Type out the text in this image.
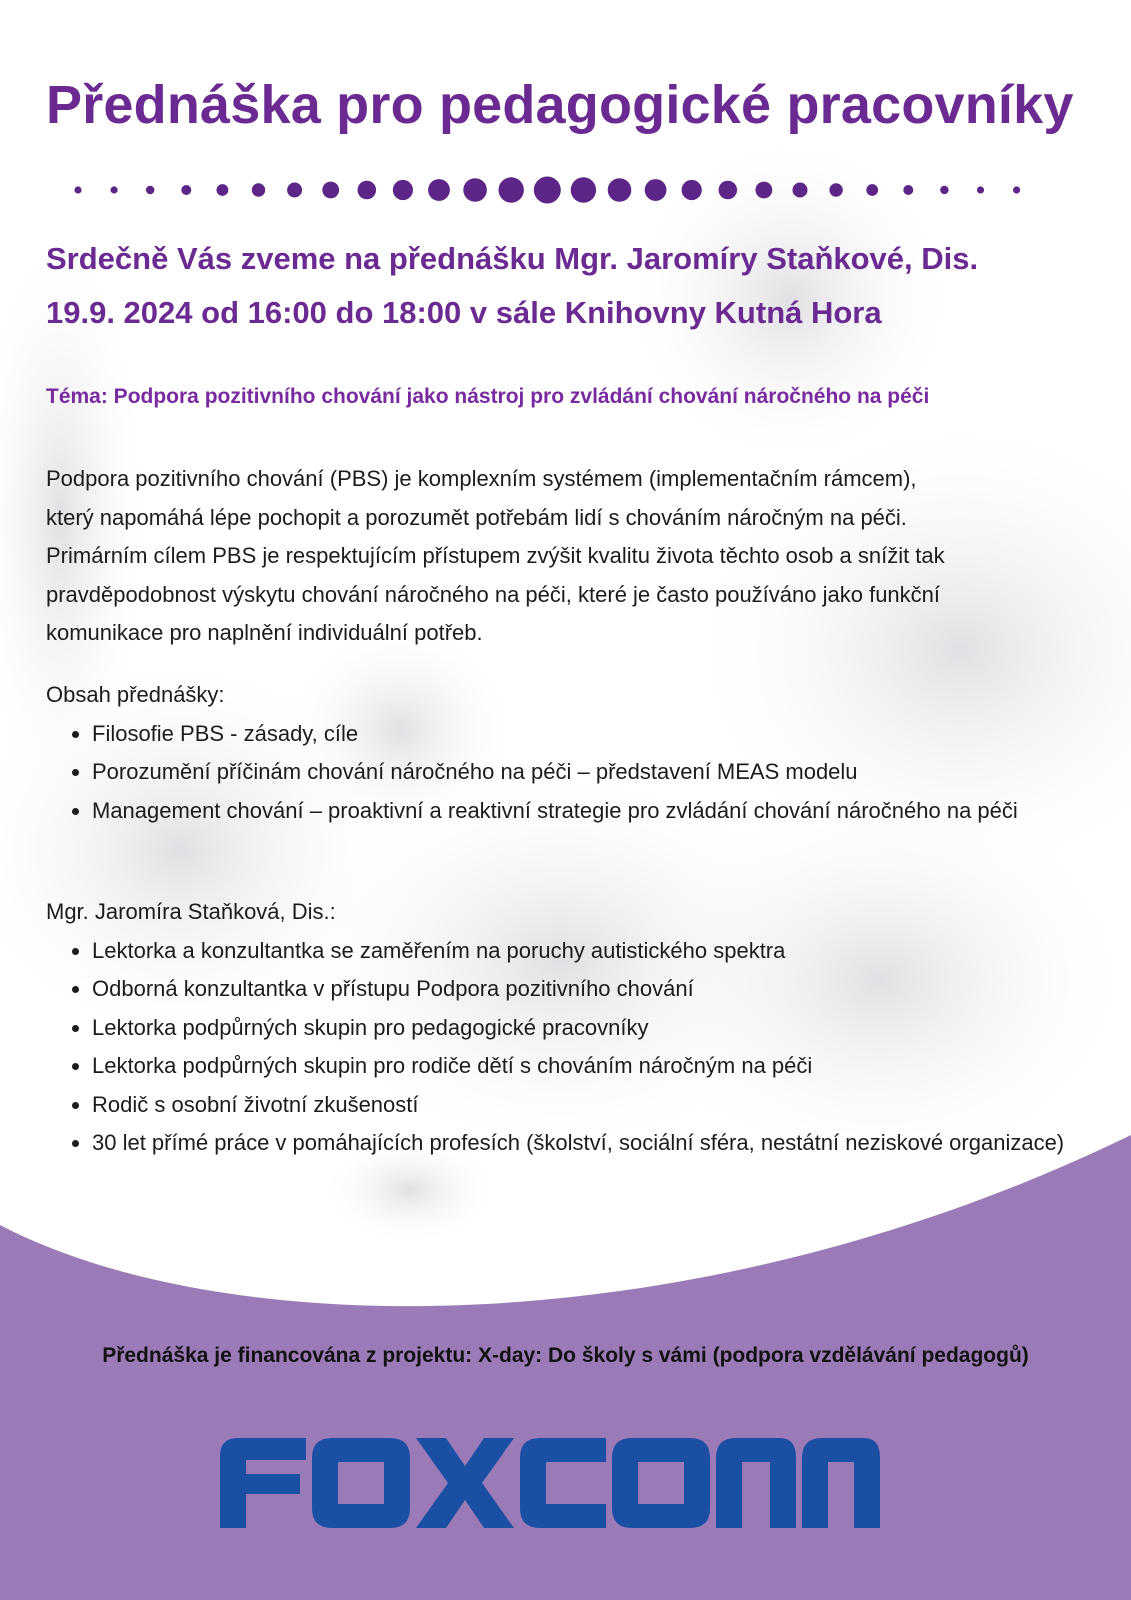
Přednáška pro pedagogické pracovníky
Srdečně Vás zveme na přednášku Mgr. Jaromíry Staňkové, Dis.
19.9. 2024 od 16:00 do 18:00 v sále Knihovny Kutná Hora
Téma: Podpora pozitivního chování jako nástroj pro zvládání chování náročného na péči
Podpora pozitivního chování (PBS) je komplexním systémem (implementačním rámcem),
který napomáhá lépe pochopit a porozumět potřebám lidí s chováním náročným na péči.
Primárním cílem PBS je respektujícím přístupem zvýšit kvalitu života těchto osob a snížit tak
pravděpodobnost výskytu chování náročného na péči, které je často používáno jako funkční
komunikace pro naplnění individuální potřeb.
Obsah přednášky:
Filosofie PBS - zásady, cíle
Porozumění příčinám chování náročného na péči – představení MEAS modelu
Management chování – proaktivní a reaktivní strategie pro zvládání chování náročného na péči
Mgr. Jaromíra Staňková, Dis.:
Lektorka a konzultantka se zaměřením na poruchy autistického spektra
Odborná konzultantka v přístupu Podpora pozitivního chování
Lektorka podpůrných skupin pro pedagogické pracovníky
Lektorka podpůrných skupin pro rodiče dětí s chováním náročným na péči
Rodič s osobní životní zkušeností
30 let přímé práce v pomáhajících profesích (školství, sociální sféra, nestátní neziskové organizace)
Přednáška je financována z projektu: X-day: Do školy s vámi (podpora vzdělávání pedagogů)
FOXCONN
